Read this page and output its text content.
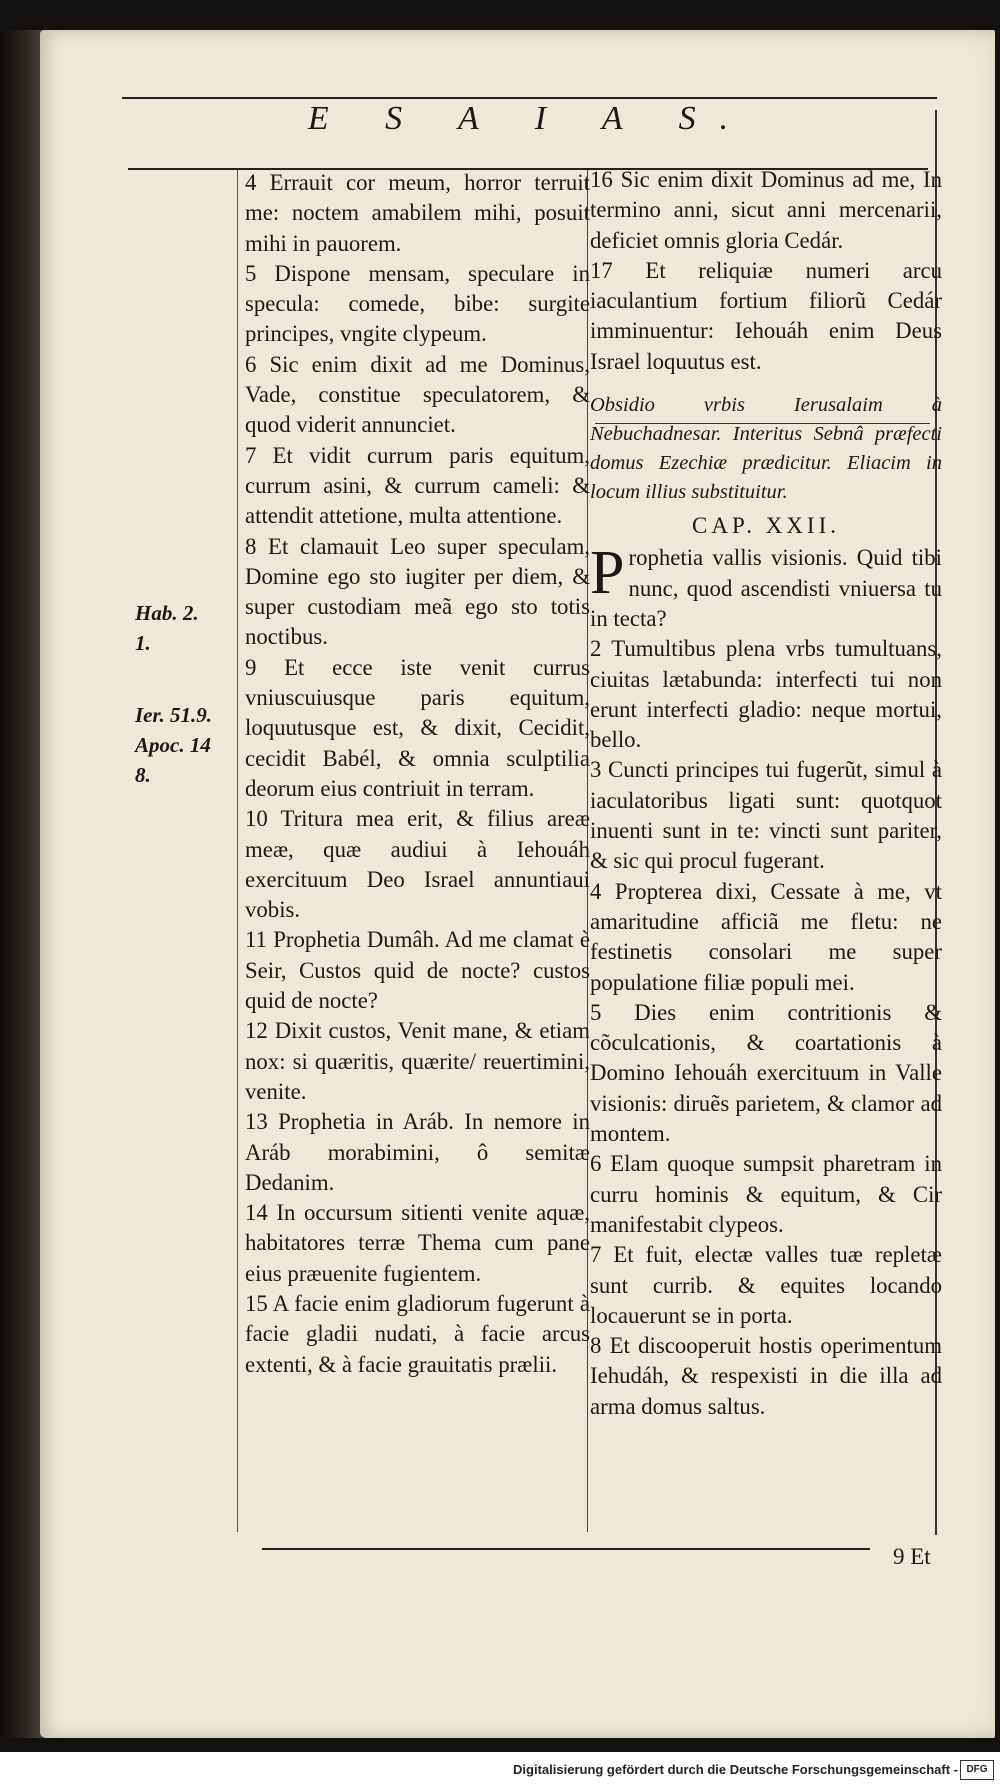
E S A I A S.
Hab. 2.
1.
Ier. 51.9.
Apoc. 14
8.

4 Errauit cor meum, horror terruit me: noctem amabilem mihi, posuit mihi in pauorem.

5 Dispone mensam, speculare in specula: comede, bibe: surgite principes, vngite clypeum.

6 Sic enim dixit ad me Dominus, Vade, constitue speculatorem, & quod viderit annunciet.

7 Et vidit currum paris equitum, currum asini, & currum cameli: & attendit attetione, multa attentione.

8 Et clamauit Leo super speculam, Domine ego sto iugiter per diem, & super custodiam meã ego sto totis noctibus.

9 Et ecce iste venit currus vniuscuiusque paris equitum, loquutusque est, & dixit, Cecidit, cecidit Babél, & omnia sculptilia deorum eius contriuit in terram.

10 Tritura mea erit, & filius areæ meæ, quæ audiui à Iehouáh exercituum Deo Israel annuntiaui vobis.

11 Prophetia Dumâh. Ad me clamat è Seir, Custos quid de nocte? custos quid de nocte?

12 Dixit custos, Venit mane, & etiam nox: si quæritis, quærite/ reuertimini, venite.

13 Prophetia in Aráb. In nemore in Aráb morabimini, ô semitæ Dedanim.

14 In occursum sitienti venite aquæ, habitatores terræ Thema cum pane eius præuenite fugientem.

15 A facie enim gladiorum fugerunt à facie gladii nudati, à facie arcus extenti, & à facie grauitatis prælii.

16 Sic enim dixit Dominus ad me, In termino anni, sicut anni mercenarii, deficiet omnis gloria Cedár.

17 Et reliquiæ numeri arcu iaculantium fortium filiorũ Cedár imminuentur: Iehouáh enim Deus Israel loquutus est.

Obsidio vrbis Ierusalaim à Nebuchadnesar. Interitus Sebnâ præfecti domus Ezechiæ prædicitur. Eliacim in locum illius substituitur.

CAP. XXII.

Prophetia vallis visionis. Quid tibi nunc, quod ascendisti vniuersa tu in tecta?

2 Tumultibus plena vrbs tumultuans, ciuitas lætabunda: interfecti tui non erunt interfecti gladio: neque mortui, bello.

3 Cuncti principes tui fugerũt, simul à iaculatoribus ligati sunt: quotquot inuenti sunt in te: vincti sunt pariter, & sic qui procul fugerant.

4 Propterea dixi, Cessate à me, vt amaritudine afficiã me fletu: ne festinetis consolari me super populatione filiæ populi mei.

5 Dies enim contritionis & cõculcationis, & coartationis à Domino Iehouáh exercituum in Valle visionis: diruẽs parietem, & clamor ad montem.

6 Elam quoque sumpsit pharetram in curru hominis & equitum, & Cir manifestabit clypeos.

7 Et fuit, electæ valles tuæ repletæ sunt currib. & equites locando locauerunt se in porta.

8 Et discooperuit hostis operimentum Iehudáh, & respexisti in die illa ad arma domus saltus.

9 Et
Digitalisierung gefördert durch die Deutsche Forschungsgemeinschaft - DFG
